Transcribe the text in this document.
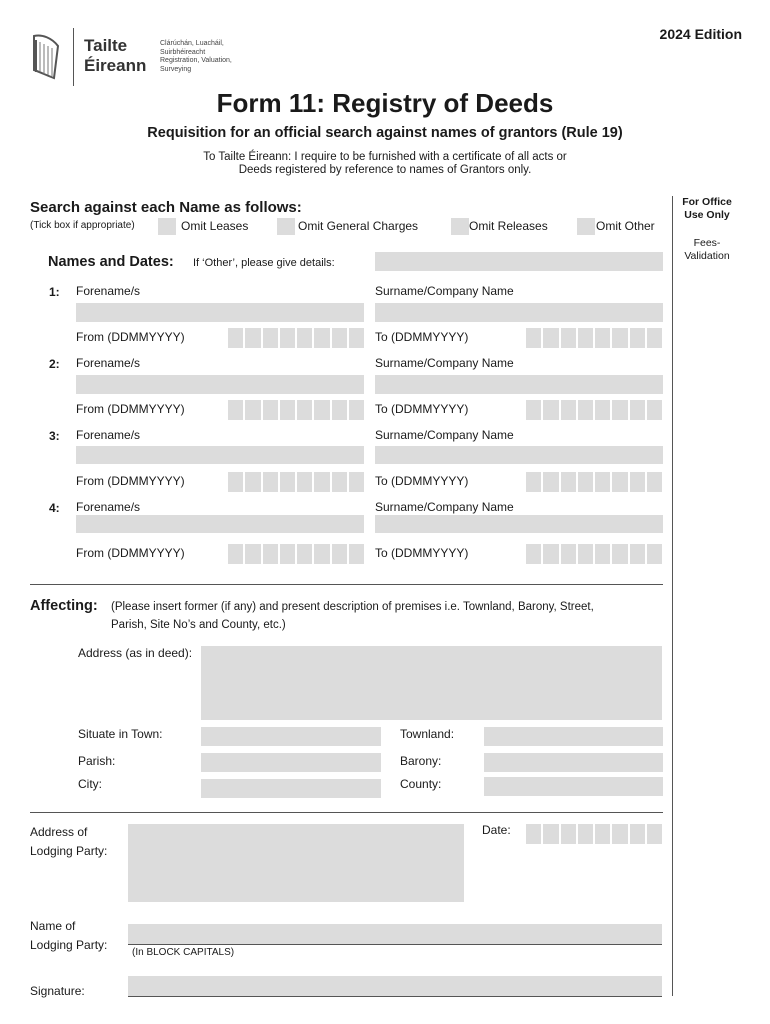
Tailte
Éireann
Clárúchán, Luacháil,
Suirbhéireacht
Registration, Valuation,
Surveying
2024 Edition
Form 11: Registry of Deeds
Requisition for an official search against names of grantors (Rule 19)
To Tailte Éireann: I require to be furnished with a certificate of all acts or
Deeds registered by reference to names of Grantors only.
For Office
Use Only
Fees-
Validation
Search against each Name as follows:
(Tick box if appropriate)	Omit Leases	Omit General Charges	Omit Releases	Omit Other
Names and Dates: If ‘Other’, please give details:
1: Forename/s	Surname/Company Name
From (DDMMYYYY)	To (DDMMYYYY)
2: Forename/s	Surname/Company Name
From (DDMMYYYY)	To (DDMMYYYY)
3: Forename/s	Surname/Company Name
From (DDMMYYYY)	To (DDMMYYYY)
4: Forename/s	Surname/Company Name
From (DDMMYYYY)	To (DDMMYYYY)
Affecting: (Please insert former (if any) and present description of premises i.e. Townland, Barony, Street,
Parish, Site No’s and County, etc.)
Address (as in deed):
Situate in Town:	Townland:
Parish:	Barony:
City:	County:
Address of
Lodging Party:
Date:
Name of
Lodging Party:
(In BLOCK CAPITALS)
Signature:
